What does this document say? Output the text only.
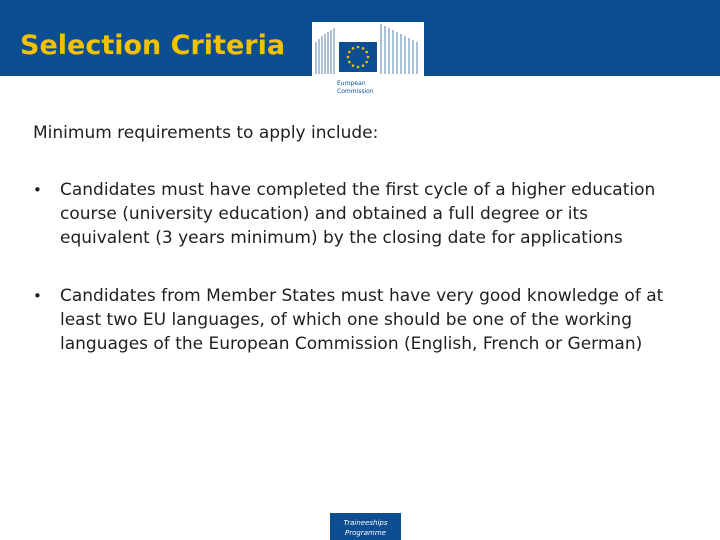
Selection Criteria
European
Commission
Minimum requirements to apply include:
• Candidates must have completed the first cycle of a higher education course (university education) and obtained a full degree or its equivalent (3 years minimum) by the closing date for applications
• Candidates from Member States must have very good knowledge of at least two EU languages, of which one should be one of the working languages of the European Commission (English, French or German)
Traineeships
Programme
